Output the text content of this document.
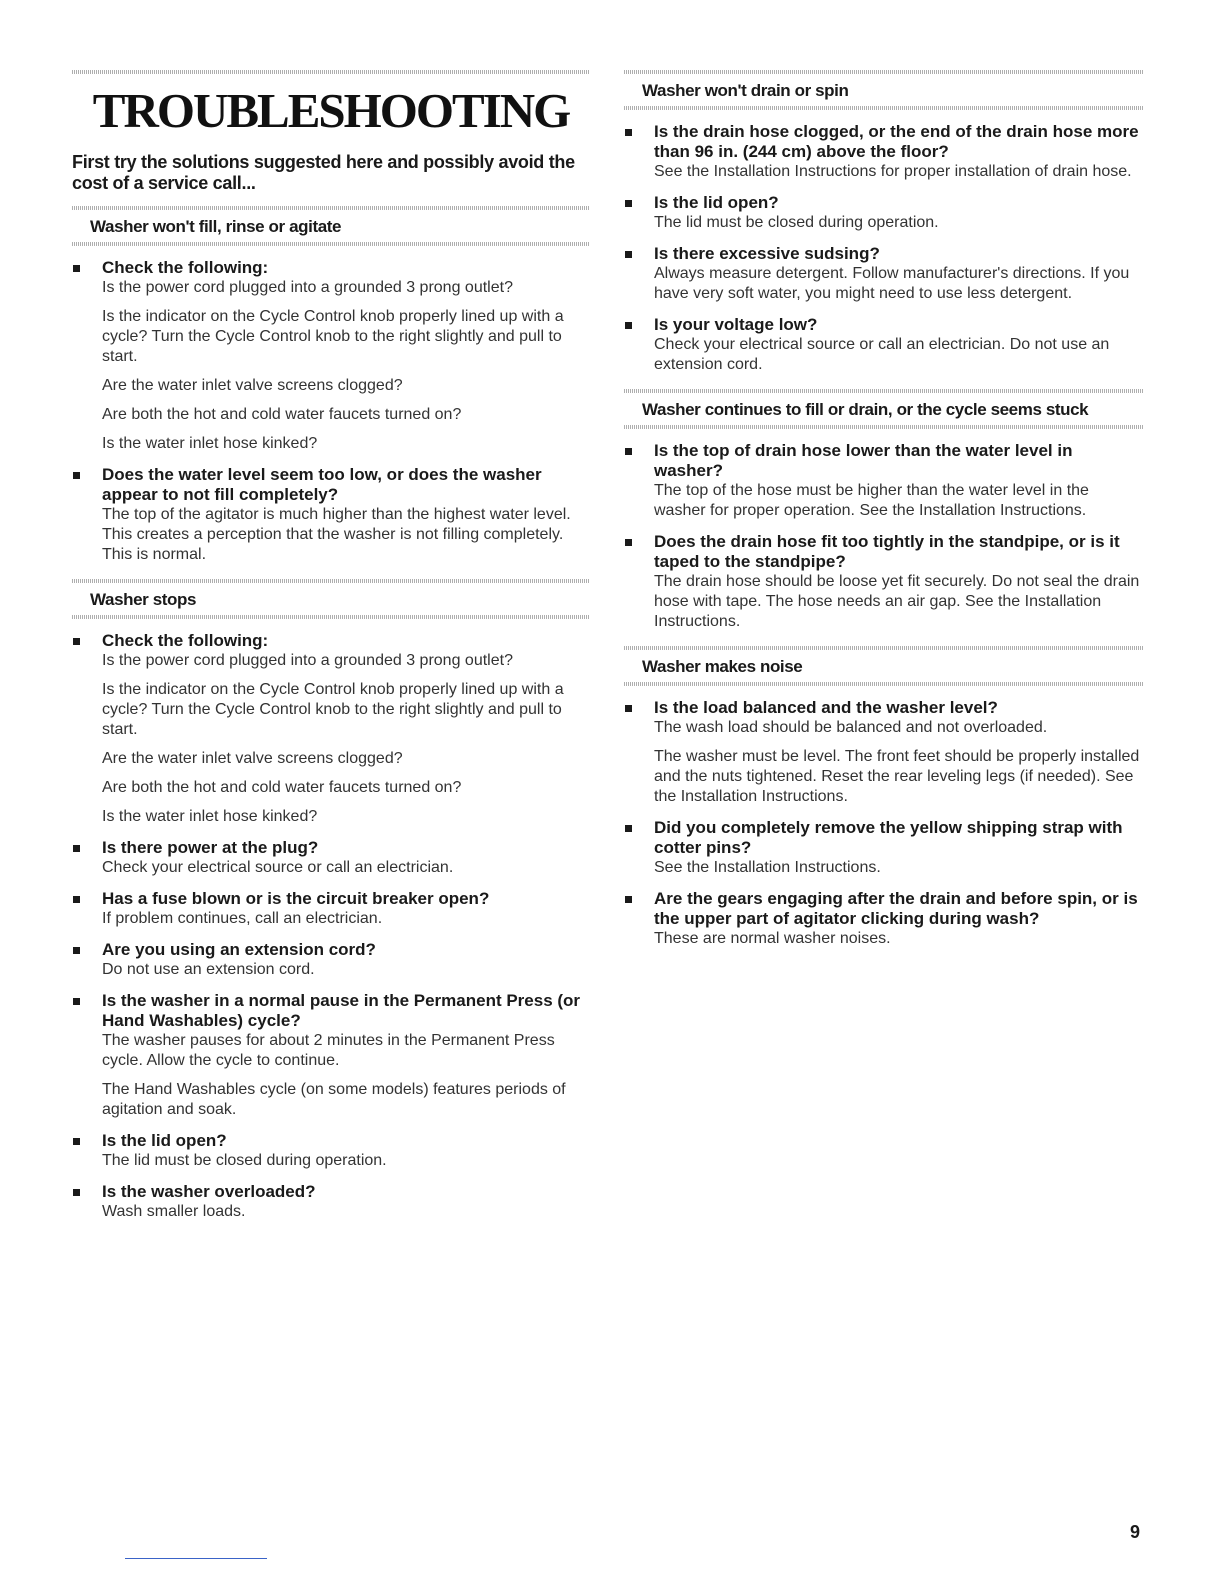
TROUBLESHOOTING
First try the solutions suggested here and possibly avoid the cost of a service call...
Washer won't fill, rinse or agitate
Check the following:
Is the power cord plugged into a grounded 3 prong outlet?
Is the indicator on the Cycle Control knob properly lined up with a cycle? Turn the Cycle Control knob to the right slightly and pull to start.
Are the water inlet valve screens clogged?
Are both the hot and cold water faucets turned on?
Is the water inlet hose kinked?
Does the water level seem too low, or does the washer appear to not fill completely?
The top of the agitator is much higher than the highest water level. This creates a perception that the washer is not filling completely. This is normal.
Washer stops
Check the following:
Is the power cord plugged into a grounded 3 prong outlet?
Is the indicator on the Cycle Control knob properly lined up with a cycle? Turn the Cycle Control knob to the right slightly and pull to start.
Are the water inlet valve screens clogged?
Are both the hot and cold water faucets turned on?
Is the water inlet hose kinked?
Is there power at the plug?
Check your electrical source or call an electrician.
Has a fuse blown or is the circuit breaker open?
If problem continues, call an electrician.
Are you using an extension cord?
Do not use an extension cord.
Is the washer in a normal pause in the Permanent Press (or Hand Washables) cycle?
The washer pauses for about 2 minutes in the Permanent Press cycle. Allow the cycle to continue.
The Hand Washables cycle (on some models) features periods of agitation and soak.
Is the lid open?
The lid must be closed during operation.
Is the washer overloaded?
Wash smaller loads.
Washer won't drain or spin
Is the drain hose clogged, or the end of the drain hose more than 96 in. (244 cm) above the floor?
See the Installation Instructions for proper installation of drain hose.
Is the lid open?
The lid must be closed during operation.
Is there excessive sudsing?
Always measure detergent. Follow manufacturer's directions. If you have very soft water, you might need to use less detergent.
Is your voltage low?
Check your electrical source or call an electrician. Do not use an extension cord.
Washer continues to fill or drain, or the cycle seems stuck
Is the top of drain hose lower than the water level in washer?
The top of the hose must be higher than the water level in the washer for proper operation. See the Installation Instructions.
Does the drain hose fit too tightly in the standpipe, or is it taped to the standpipe?
The drain hose should be loose yet fit securely. Do not seal the drain hose with tape. The hose needs an air gap. See the Installation Instructions.
Washer makes noise
Is the load balanced and the washer level?
The wash load should be balanced and not overloaded.
The washer must be level. The front feet should be properly installed and the nuts tightened. Reset the rear leveling legs (if needed). See the Installation Instructions.
Did you completely remove the yellow shipping strap with cotter pins?
See the Installation Instructions.
Are the gears engaging after the drain and before spin, or is the upper part of agitator clicking during wash?
These are normal washer noises.
9
